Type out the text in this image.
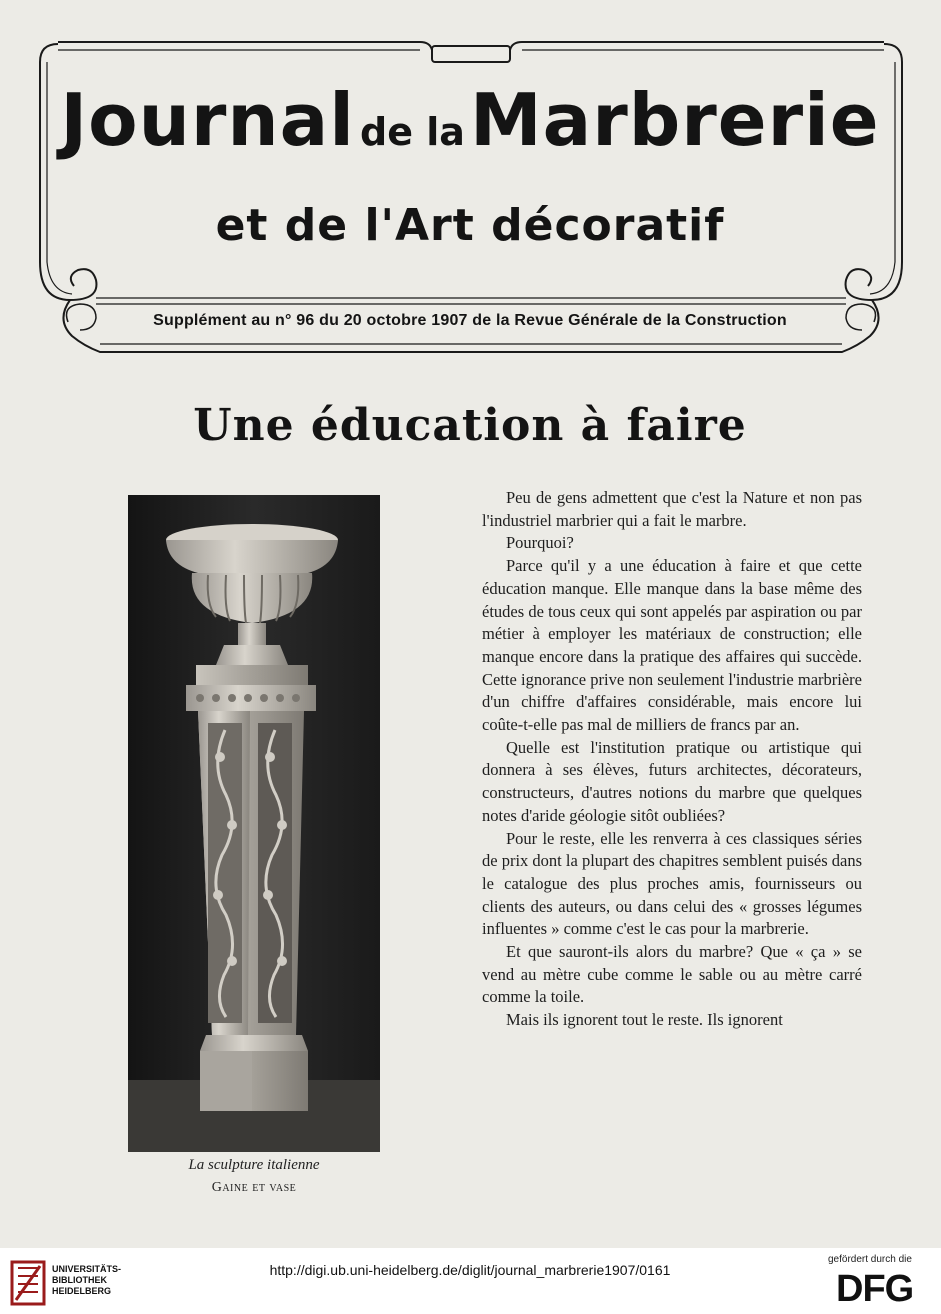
Journal de la Marbrerie
et de l'Art décoratif
Supplément au n° 96 du 20 octobre 1907 de la Revue Générale de la Construction
Une éducation à faire
La sculpture italienne
Gaine et vase

Peu de gens admettent que c'est la Nature et non pas l'industriel marbrier qui a fait le marbre.

Pourquoi?

Parce qu'il y a une éducation à faire et que cette éducation manque. Elle manque dans la base même des études de tous ceux qui sont appelés par aspiration ou par métier à employer les matériaux de construction; elle manque encore dans la pratique des affaires qui succède. Cette ignorance prive non seulement l'industrie marbrière d'un chiffre d'affaires considérable, mais encore lui coûte-t-elle pas mal de milliers de francs par an.

Quelle est l'institution pratique ou artistique qui donnera à ses élèves, futurs architectes, décorateurs, constructeurs, d'autres notions du marbre que quelques notes d'aride géologie sitôt oubliées?

Pour le reste, elle les renverra à ces classiques séries de prix dont la plupart des chapitres semblent puisés dans le catalogue des plus proches amis, fournisseurs ou clients des auteurs, ou dans celui des « grosses légumes influentes » comme c'est le cas pour la marbrerie.

Et que sauront-ils alors du marbre? Que « ça » se vend au mètre cube comme le sable ou au mètre carré comme la toile.

Mais ils ignorent tout le reste. Ils ignorent

UNIVERSITÄTS-
BIBLIOTHEK
HEIDELBERG
http://digi.ub.uni-heidelberg.de/diglit/journal_marbrerie1907/0161
gefördert durch die
DFG
